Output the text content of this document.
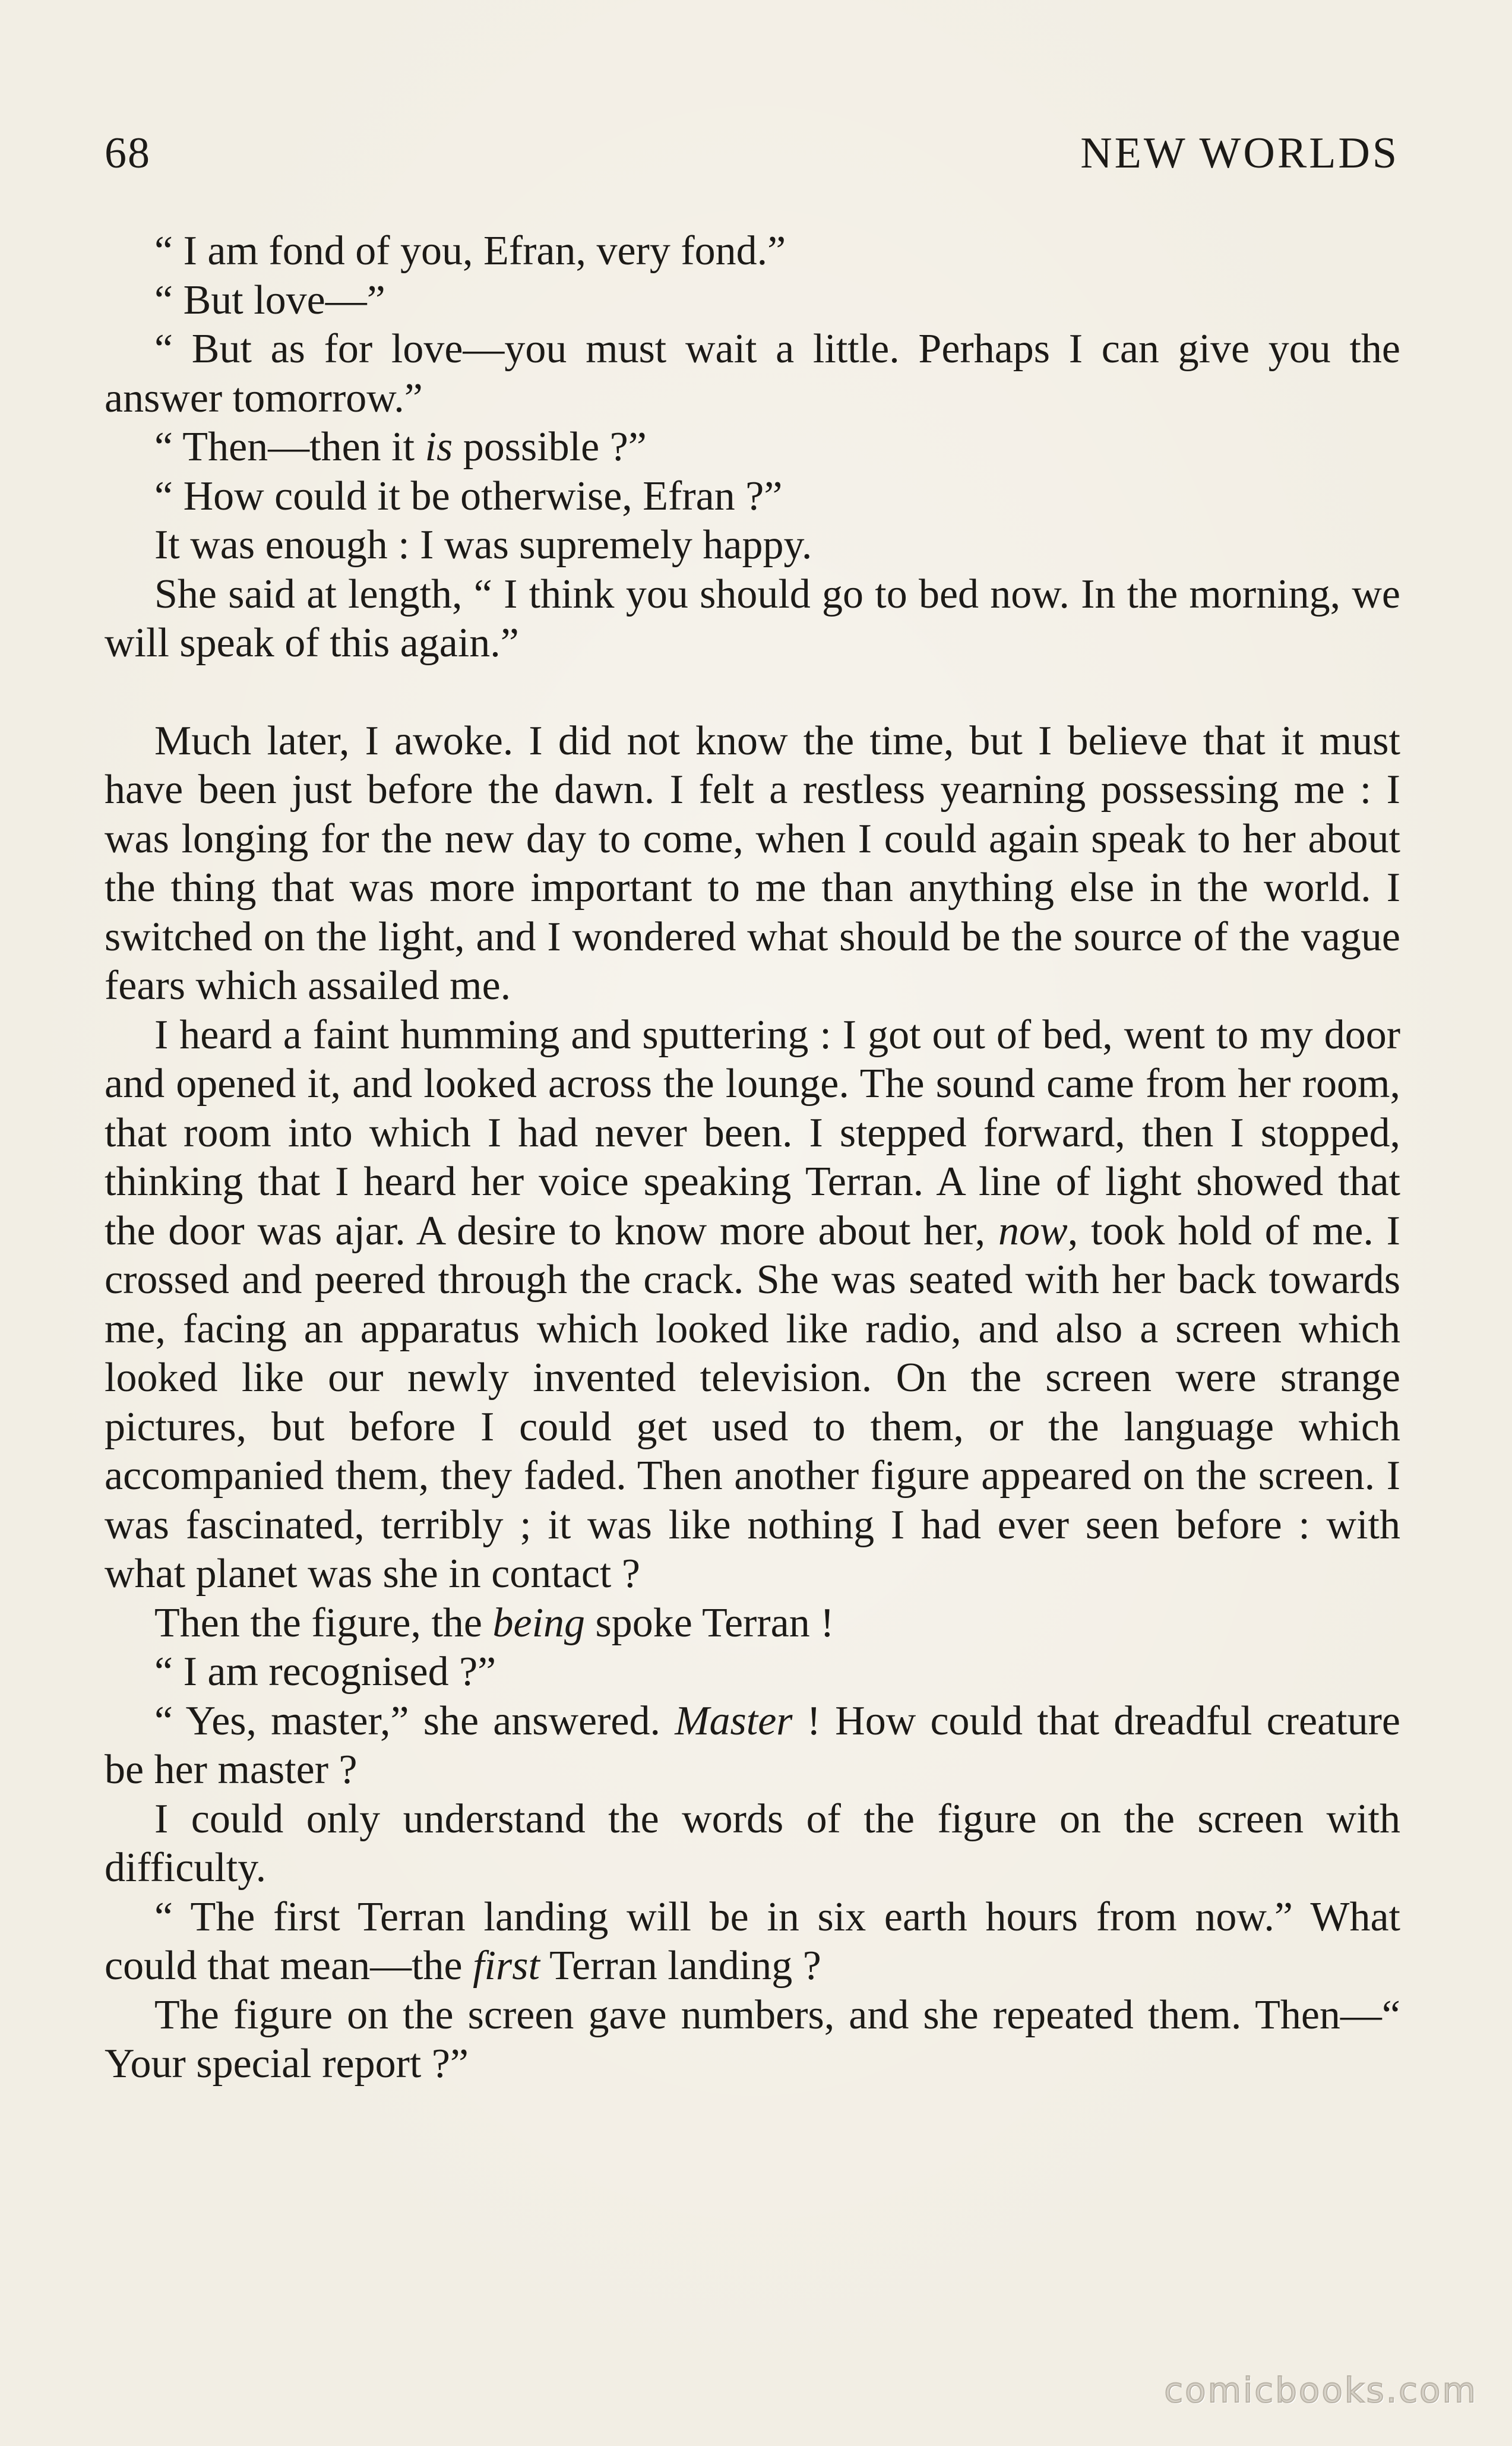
68	NEW WORLDS

“ I am fond of you, Efran, very fond.”

“ But love—”

“ But as for love—you must wait a little. Perhaps I can give you the answer tomorrow.”

“ Then—then it is possible ?”

“ How could it be otherwise, Efran ?”

It was enough : I was supremely happy.

She said at length, “ I think you should go to bed now. In the morning, we will speak of this again.”

Much later, I awoke. I did not know the time, but I believe that it must have been just before the dawn. I felt a restless yearning possessing me : I was longing for the new day to come, when I could again speak to her about the thing that was more important to me than anything else in the world. I switched on the light, and I wondered what should be the source of the vague fears which assailed me.

I heard a faint humming and sputtering : I got out of bed, went to my door and opened it, and looked across the lounge. The sound came from her room, that room into which I had never been. I stepped forward, then I stopped, thinking that I heard her voice speaking Terran. A line of light showed that the door was ajar. A desire to know more about her, now, took hold of me. I crossed and peered through the crack. She was seated with her back towards me, facing an apparatus which looked like radio, and also a screen which looked like our newly invented television. On the screen were strange pictures, but before I could get used to them, or the language which accompanied them, they faded. Then another figure appeared on the screen. I was fascinated, terribly ; it was like nothing I had ever seen before : with what planet was she in contact ?

Then the figure, the being spoke Terran !

“ I am recognised ?”

“ Yes, master,” she answered. Master ! How could that dreadful creature be her master ?

I could only understand the words of the figure on the screen with difficulty.

“ The first Terran landing will be in six earth hours from now.” What could that mean—the first Terran landing ?

The figure on the screen gave numbers, and she repeated them. Then—“ Your special report ?”

comicbooks.com
